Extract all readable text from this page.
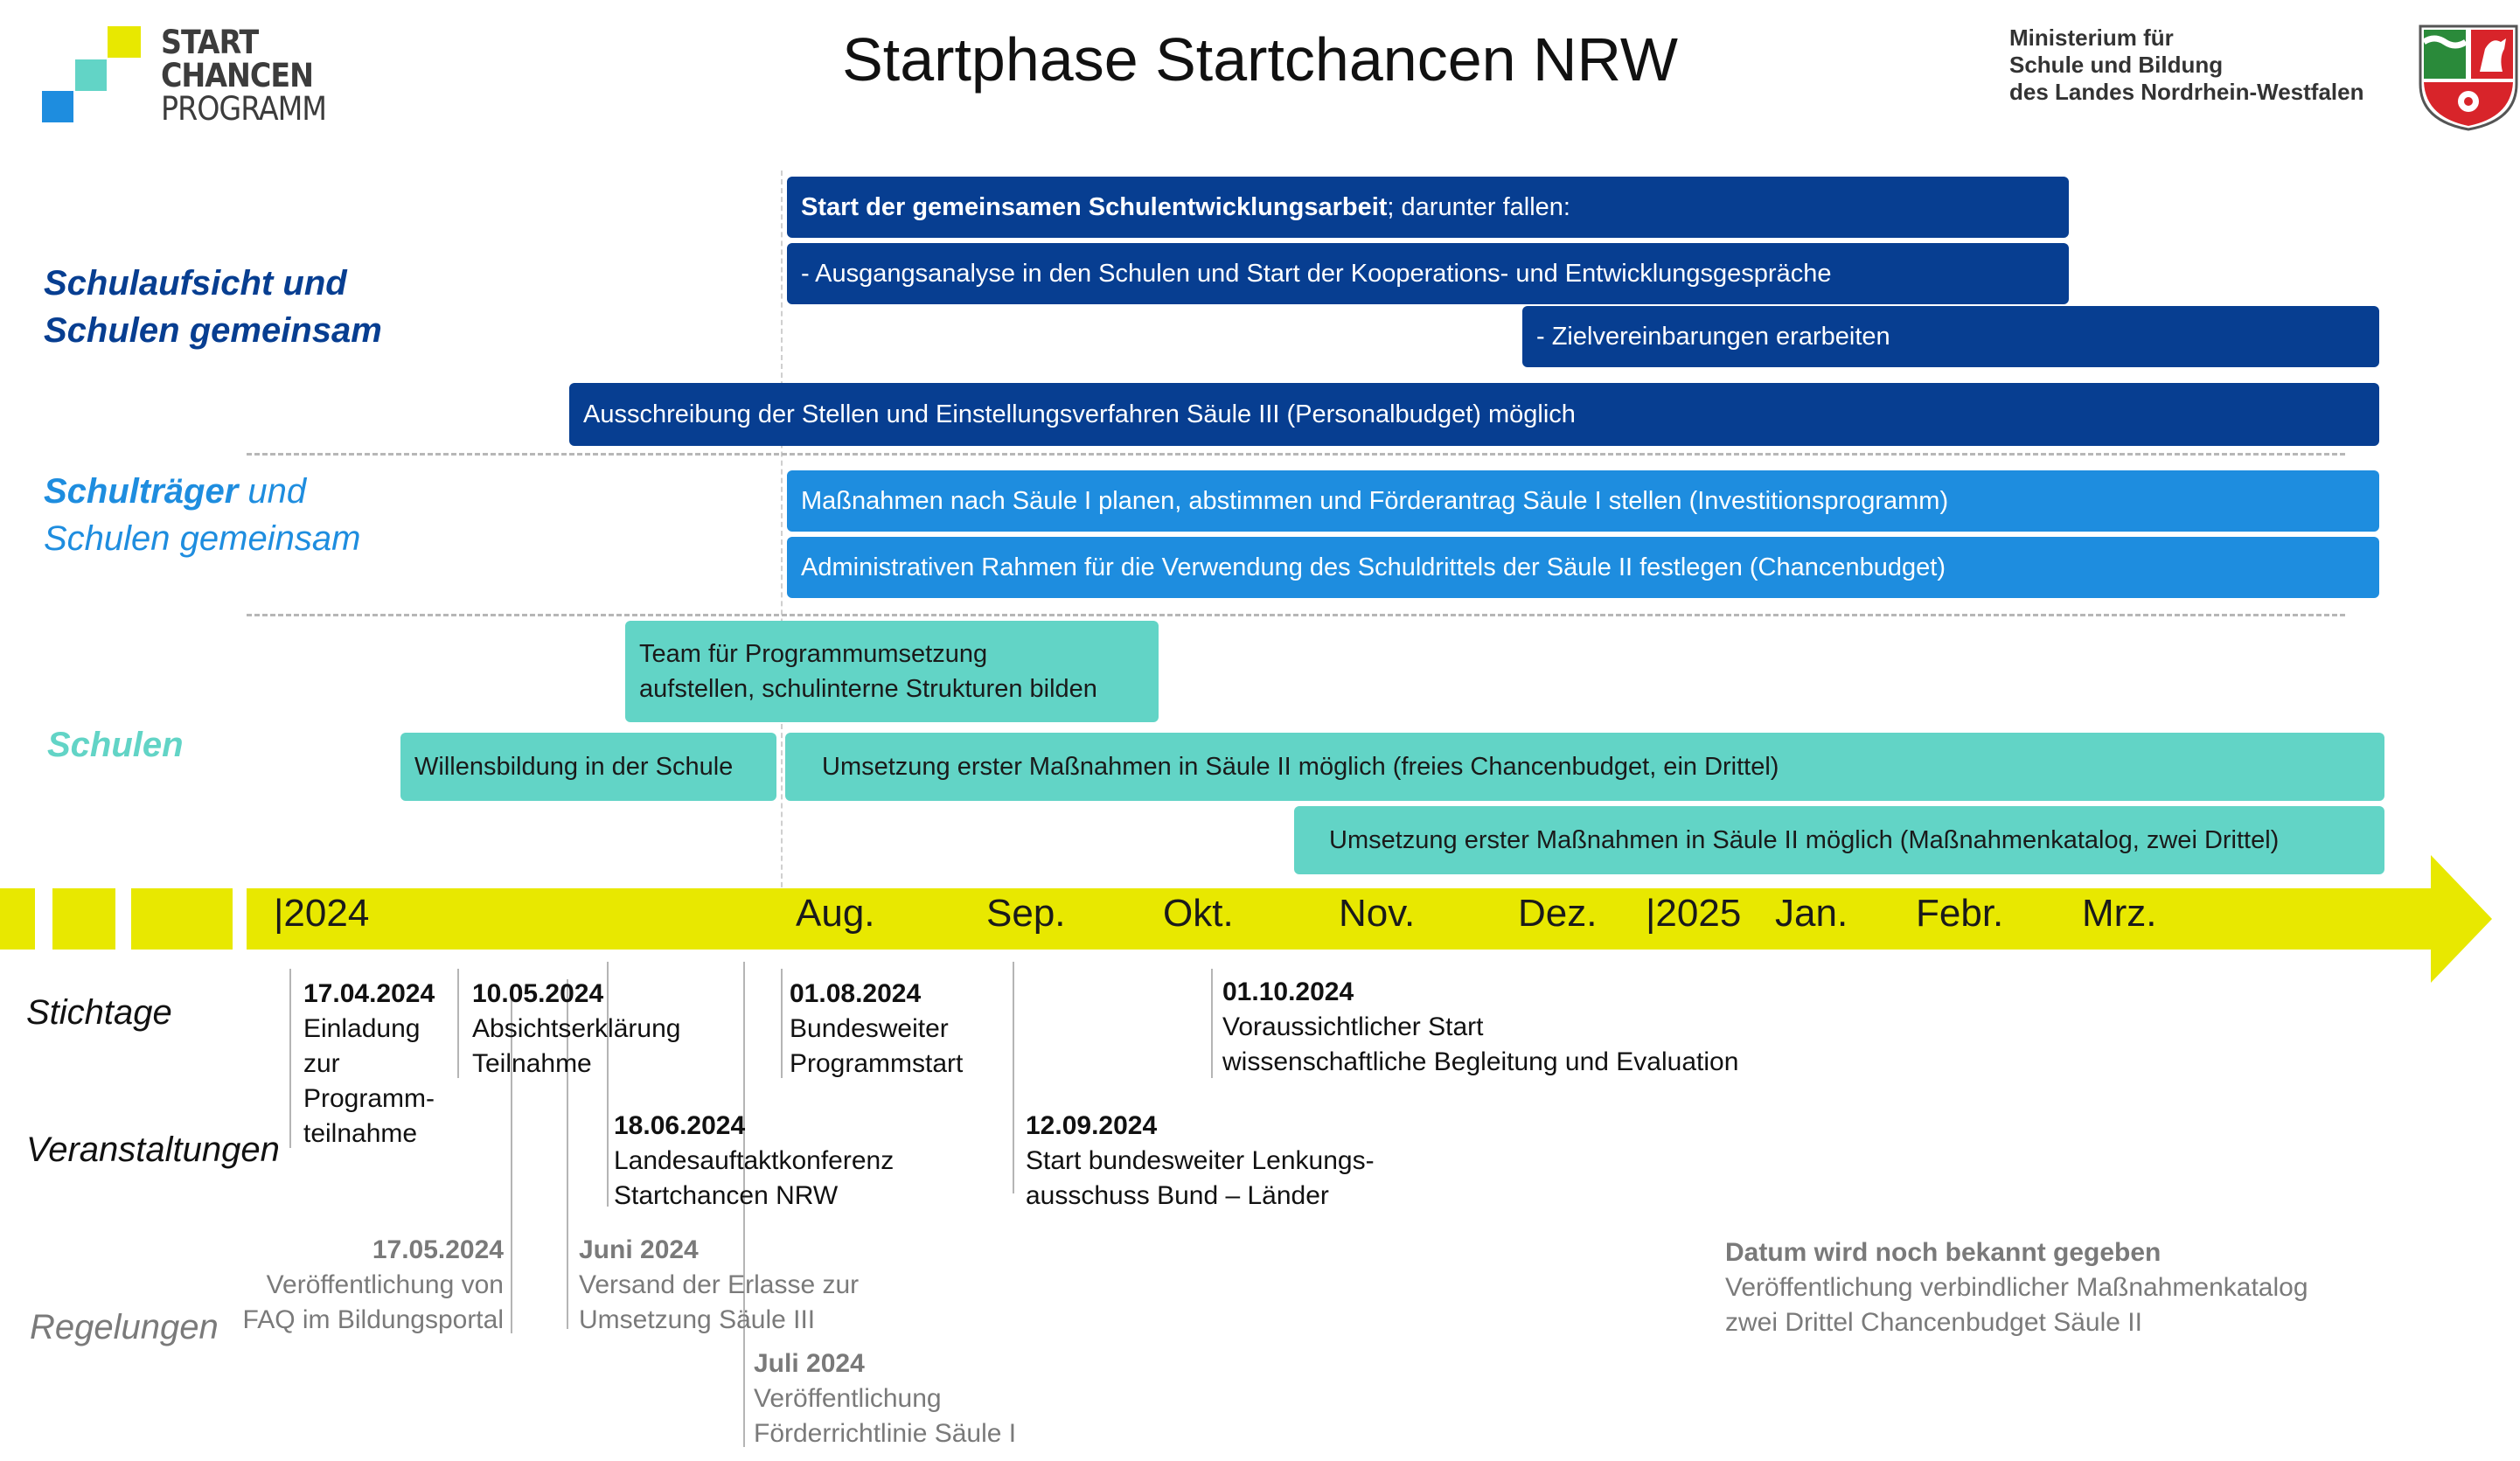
START
CHANCEN
PROGRAMM
Startphase Startchancen NRW	Ministerium für
Schule und Bildung
des Landes Nordrhein-Westfalen
Schulaufsicht und
Schulen gemeinsam
Schulträger und
Schulen gemeinsam
Schulen
Start der gemeinsamen Schulentwicklungsarbeit; darunter fallen:
- Ausgangsanalyse in den Schulen und Start der Kooperations- und Entwicklungsgespräche
- Zielvereinbarungen erarbeiten
Ausschreibung der Stellen und Einstellungsverfahren Säule III (Personalbudget) möglich
Maßnahmen nach Säule I planen, abstimmen und Förderantrag Säule I stellen (Investitionsprogramm)
Administrativen Rahmen für die Verwendung des Schuldrittels der Säule II festlegen (Chancenbudget)
Team für Programmumsetzung
aufstellen, schulinterne Strukturen bilden
Willensbildung in der Schule	Umsetzung erster Maßnahmen in Säule II möglich (freies Chancenbudget, ein Drittel)
Umsetzung erster Maßnahmen in Säule II möglich (Maßnahmenkatalog, zwei Drittel)
|2024	Aug.	Sep.	Okt.	Nov.	Dez. |2025 Jan. Febr. Mrz.
Stichtage
Veranstaltungen
Regelungen
17.04.2024
Einladung
zur
Programm-
teilnahme
10.05.2024
Absichtserklärung
Teilnahme
01.08.2024
Bundesweiter
Programmstart
01.10.2024
Voraussichtlicher Start
wissenschaftliche Begleitung und Evaluation
18.06.2024
Landesauftaktkonferenz
Startchancen NRW
12.09.2024
Start bundesweiter Lenkungs-
ausschuss Bund – Länder
17.05.2024
Veröffentlichung von
FAQ im Bildungsportal
Juni 2024
Versand der Erlasse zur
Umsetzung Säule III
Juli 2024
Veröffentlichung
Förderrichtlinie Säule I
Datum wird noch bekannt gegeben
Veröffentlichung verbindlicher Maßnahmenkatalog
zwei Drittel Chancenbudget Säule II
